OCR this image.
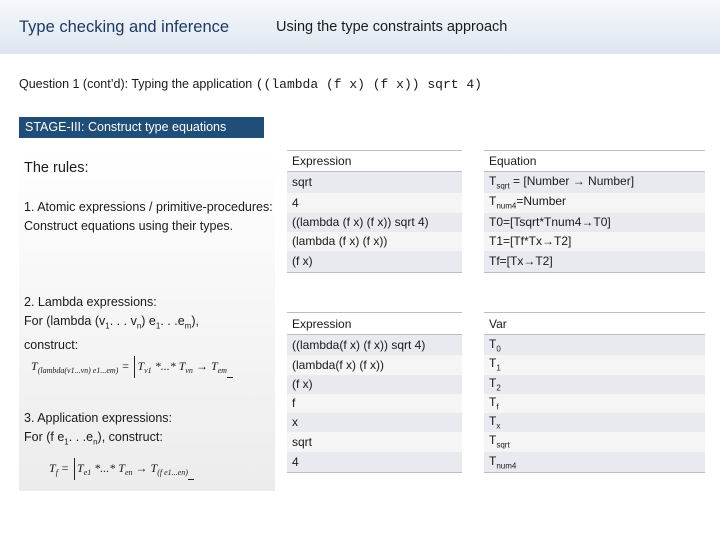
Type checking and inference	Using the type constraints approach
Question 1 (cont’d): Typing the application ((lambda (f x) (f x)) sqrt 4)
STAGE-III: Construct type equations
The rules:
1. Atomic expressions / primitive-procedures: Construct equations using their types.
2. Lambda expressions:
For (lambda ($v_1$. . . $v_n$) $e_1$. . $.e_m$),
construct:
$T_{(lambda(v1...vn) e1...em)} = T_{v1}$ *...* $T_{vn} \to T_{em}$
3. Application expressions:
For (f $e_1$. . $.e_n$), construct:
$T_f = T_{e1}$ *...* $T_{en} \to T_{(f e1...en)}$
Expression	Equation
sqrt	$T_{sqrt}$ = [Number → Number]
4	$T_{num4}=Number$
((lambda (f x) (f x)) sqrt 4)	T0=[Tsqrt*Tnum4→T0]
(lambda (f x) (f x))	T1=[Tf*Tx→T2]
(f x)	Tf=[Tx→T2]
Expression	Var
((lambda(f x) (f x)) sqrt 4)	$T_0$
(lambda(f x) (f x))	$T_1$
(f x)	$T_2$
f	$T_f$
x	$T_x$
sqrt	$T_{sqrt}$
4	$T_{num4}$
